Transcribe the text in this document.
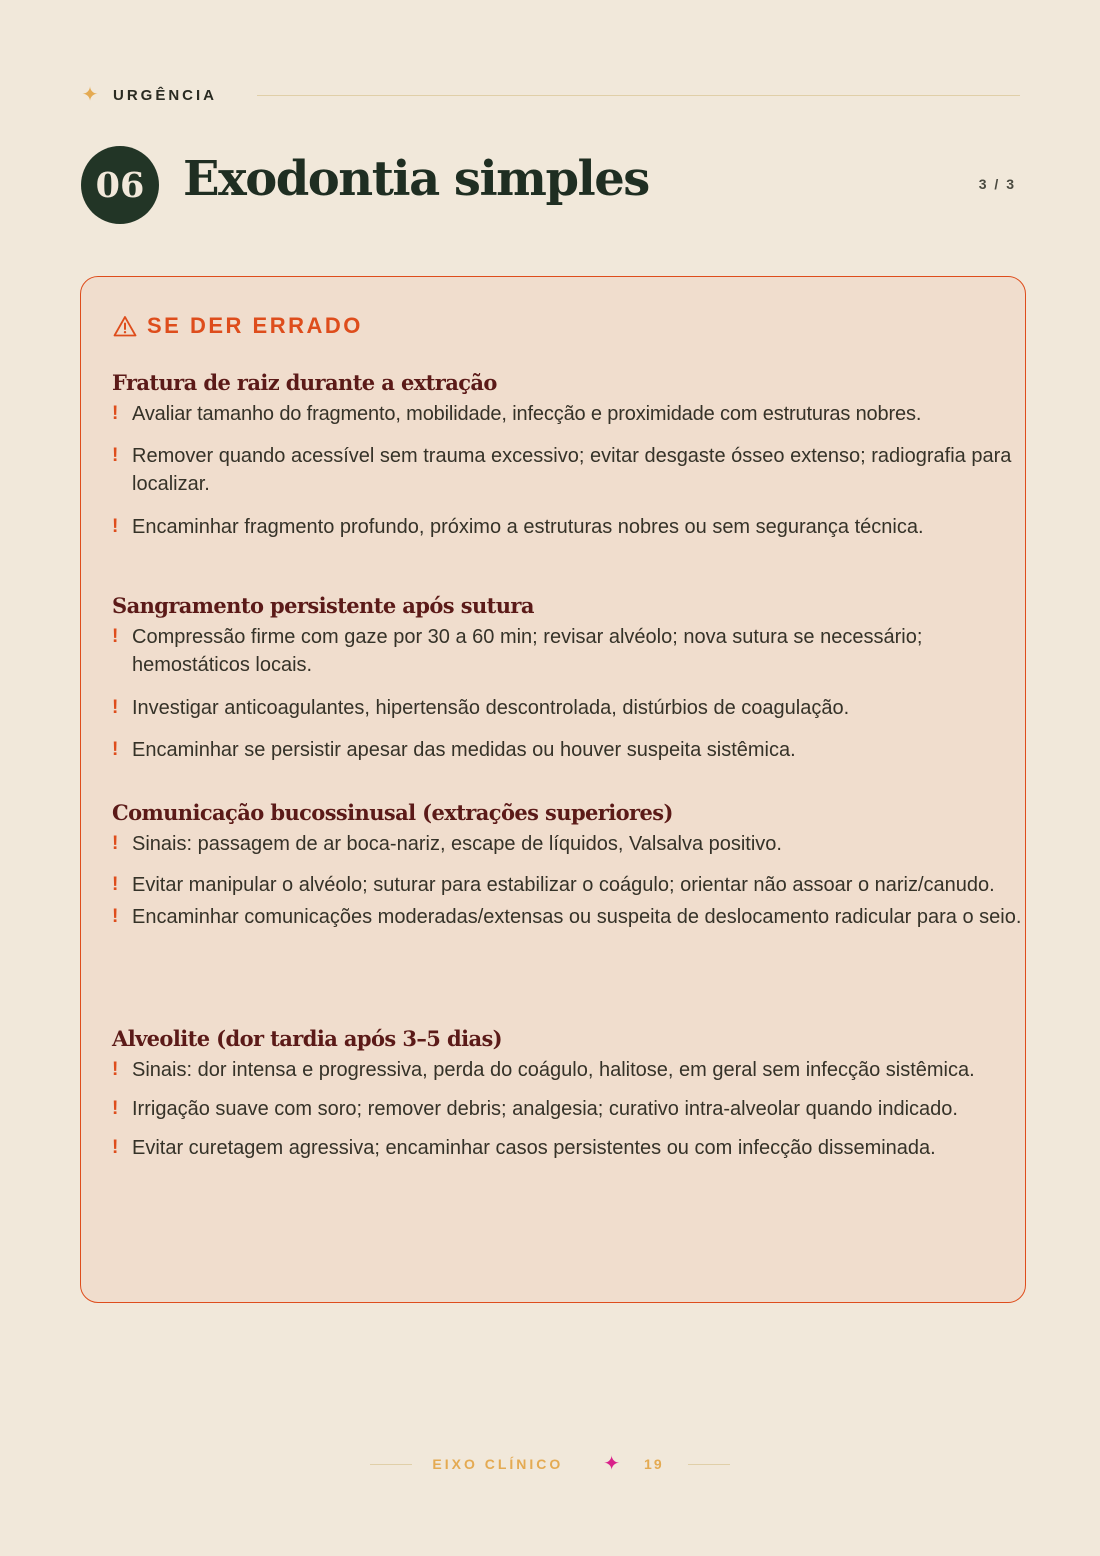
✦ URGÊNCIA
06 Exodontia simples	3 / 3
SE DER ERRADO
Fratura de raiz durante a extração
! Avaliar tamanho do fragmento, mobilidade, infecção e proximidade com estruturas nobres.
! Remover quando acessível sem trauma excessivo; evitar desgaste ósseo extenso; radiografia para localizar.
! Encaminhar fragmento profundo, próximo a estruturas nobres ou sem segurança técnica.
Sangramento persistente após sutura
! Compressão firme com gaze por 30 a 60 min; revisar alvéolo; nova sutura se necessário; hemostáticos locais.
! Investigar anticoagulantes, hipertensão descontrolada, distúrbios de coagulação.
! Encaminhar se persistir apesar das medidas ou houver suspeita sistêmica.
Comunicação bucossinusal (extrações superiores)
! Sinais: passagem de ar boca-nariz, escape de líquidos, Valsalva positivo.
! Evitar manipular o alvéolo; suturar para estabilizar o coágulo; orientar não assoar o nariz/canudo.
! Encaminhar comunicações moderadas/extensas ou suspeita de deslocamento radicular para o seio.
Alveolite (dor tardia após 3–5 dias)
! Sinais: dor intensa e progressiva, perda do coágulo, halitose, em geral sem infecção sistêmica.
! Irrigação suave com soro; remover debris; analgesia; curativo intra-alveolar quando indicado.
! Evitar curetagem agressiva; encaminhar casos persistentes ou com infecção disseminada.
EIXO CLÍNICO ✦ 19
